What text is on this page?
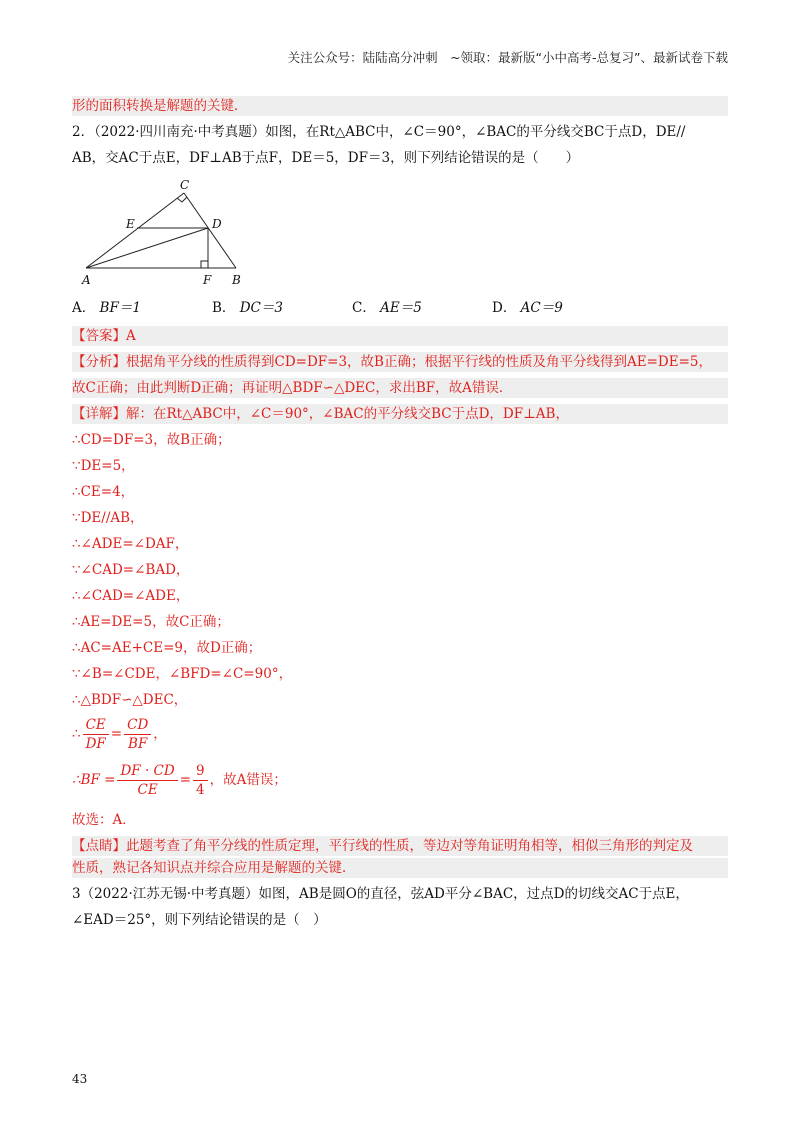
关注公众号：陆陆高分冲刺　~领取：最新版“小中高考-总复习”、最新试卷下载
形的面积转换是解题的关键．
2．（2022·四川南充·中考真题）如图，在Rt△ABC中，∠C＝90°，∠BAC的平分线交BC于点D，DE//
AB，交AC于点E，DF⊥AB于点F，DE＝5，DF＝3，则下列结论错误的是（　　）
C
E	D
A	F B
A． BF＝1	B． DC＝3	C． AE＝5	D． AC＝9
【答案】A
【分析】根据角平分线的性质得到CD=DF=3，故B正确；根据平行线的性质及角平分线得到AE=DE=5，
故C正确；由此判断D正确；再证明△BDF∽△DEC，求出BF，故A错误．
【详解】解：在Rt△ABC中，∠C＝90°，∠BAC的平分线交BC于点D，DF⊥AB，
∴CD=DF=3，故B正确；
∵DE=5，
∴CE=4，
∵DE//AB，
∴∠ADE=∠DAF，
∵∠CAD=∠BAD，
∴∠CAD=∠ADE，
∴AE=DE=5，故C正确；
∴AC=AE+CE=9，故D正确；
∵∠B=∠CDE，∠BFD=∠C=90°，
∴△BDF∽△DEC，
∴ $\frac{CE}{DF} = \frac{CD}{BF}$ ，
∴BF = $\frac{DF \cdot CD}{CE} = \frac{9}{4}$ ，故A错误；
故选：A．
【点睛】此题考查了角平分线的性质定理，平行线的性质，等边对等角证明角相等，相似三角形的判定及
性质，熟记各知识点并综合应用是解题的关键．
3（2022·江苏无锡·中考真题）如图，AB是圆O的直径，弦AD平分∠BAC，过点D的切线交AC于点E，
∠EAD＝25°，则下列结论错误的是（　）
43
